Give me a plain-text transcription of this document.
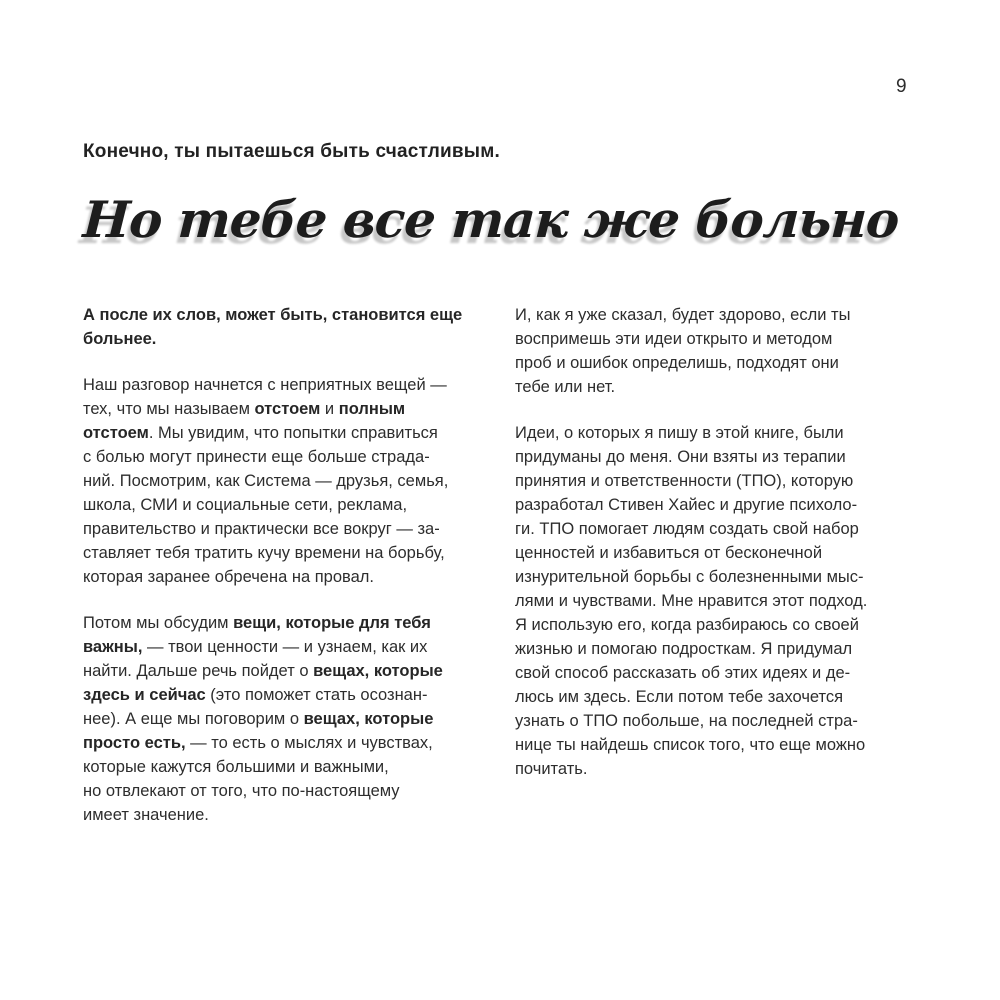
9
Конечно, ты пытаешься быть счастливым.
Но тебе все так же больно
А после их слов, может быть, становится еще
больнее.
Наш разговор начнется с неприятных вещей —
тех, что мы называем отстоем и полным
отстоем. Мы увидим, что попытки справиться
с болью могут принести еще больше страда-
ний. Посмотрим, как Система — друзья, семья,
школа, СМИ и социальные сети, реклама,
правительство и практически все вокруг — за-
ставляет тебя тратить кучу времени на борьбу,
которая заранее обречена на провал.
Потом мы обсудим вещи, которые для тебя
важны, — твои ценности — и узнаем, как их
найти. Дальше речь пойдет о вещах, которые
здесь и сейчас (это поможет стать осознан-
нее). А еще мы поговорим о вещах, которые
просто есть, — то есть о мыслях и чувствах,
которые кажутся большими и важными,
но отвлекают от того, что по-настоящему
имеет значение.
И, как я уже сказал, будет здорово, если ты
воспримешь эти идеи открыто и методом
проб и ошибок определишь, подходят они
тебе или нет.
Идеи, о которых я пишу в этой книге, были
придуманы до меня. Они взяты из терапии
принятия и ответственности (ТПО), которую
разработал Стивен Хайес и другие психоло-
ги. ТПО помогает людям создать свой набор
ценностей и избавиться от бесконечной
изнурительной борьбы с болезненными мыс-
лями и чувствами. Мне нравится этот подход.
Я использую его, когда разбираюсь со своей
жизнью и помогаю подросткам. Я придумал
свой способ рассказать об этих идеях и де-
люсь им здесь. Если потом тебе захочется
узнать о ТПО побольше, на последней стра-
нице ты найдешь список того, что еще можно
почитать.
